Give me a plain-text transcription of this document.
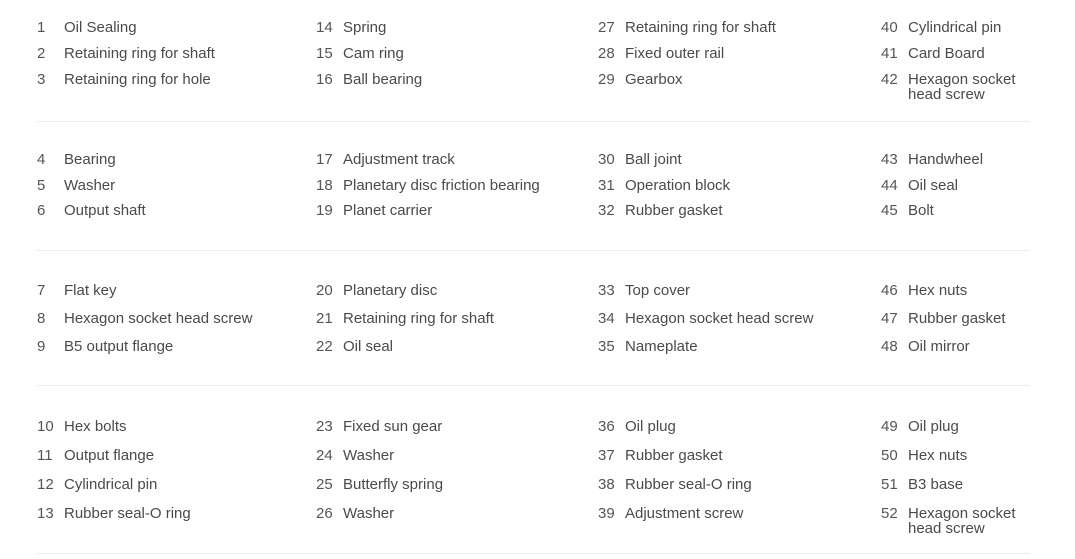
1 Oil Sealing
2 Retaining ring for shaft
3 Retaining ring for hole
14 Spring
15 Cam ring
16 Ball bearing
27 Retaining ring for shaft
28 Fixed outer rail
29 Gearbox
40 Cylindrical pin
41 Card Board
42 Hexagon socket head screw
4 Bearing
5 Washer
6 Output shaft
17 Adjustment track
18 Planetary disc friction bearing
19 Planet carrier
30 Ball joint
31 Operation block
32 Rubber gasket
43 Handwheel
44 Oil seal
45 Bolt
7 Flat key
8 Hexagon socket head screw
9 B5 output flange
20 Planetary disc
21 Retaining ring for shaft
22 Oil seal
33 Top cover
34 Hexagon socket head screw
35 Nameplate
46 Hex nuts
47 Rubber gasket
48 Oil mirror
10 Hex bolts
11 Output flange
12 Cylindrical pin
13 Rubber seal-O ring
23 Fixed sun gear
24 Washer
25 Butterfly spring
26 Washer
36 Oil plug
37 Rubber gasket
38 Rubber seal-O ring
39 Adjustment screw
49 Oil plug
50 Hex nuts
51 B3 base
52 Hexagon socket head screw
